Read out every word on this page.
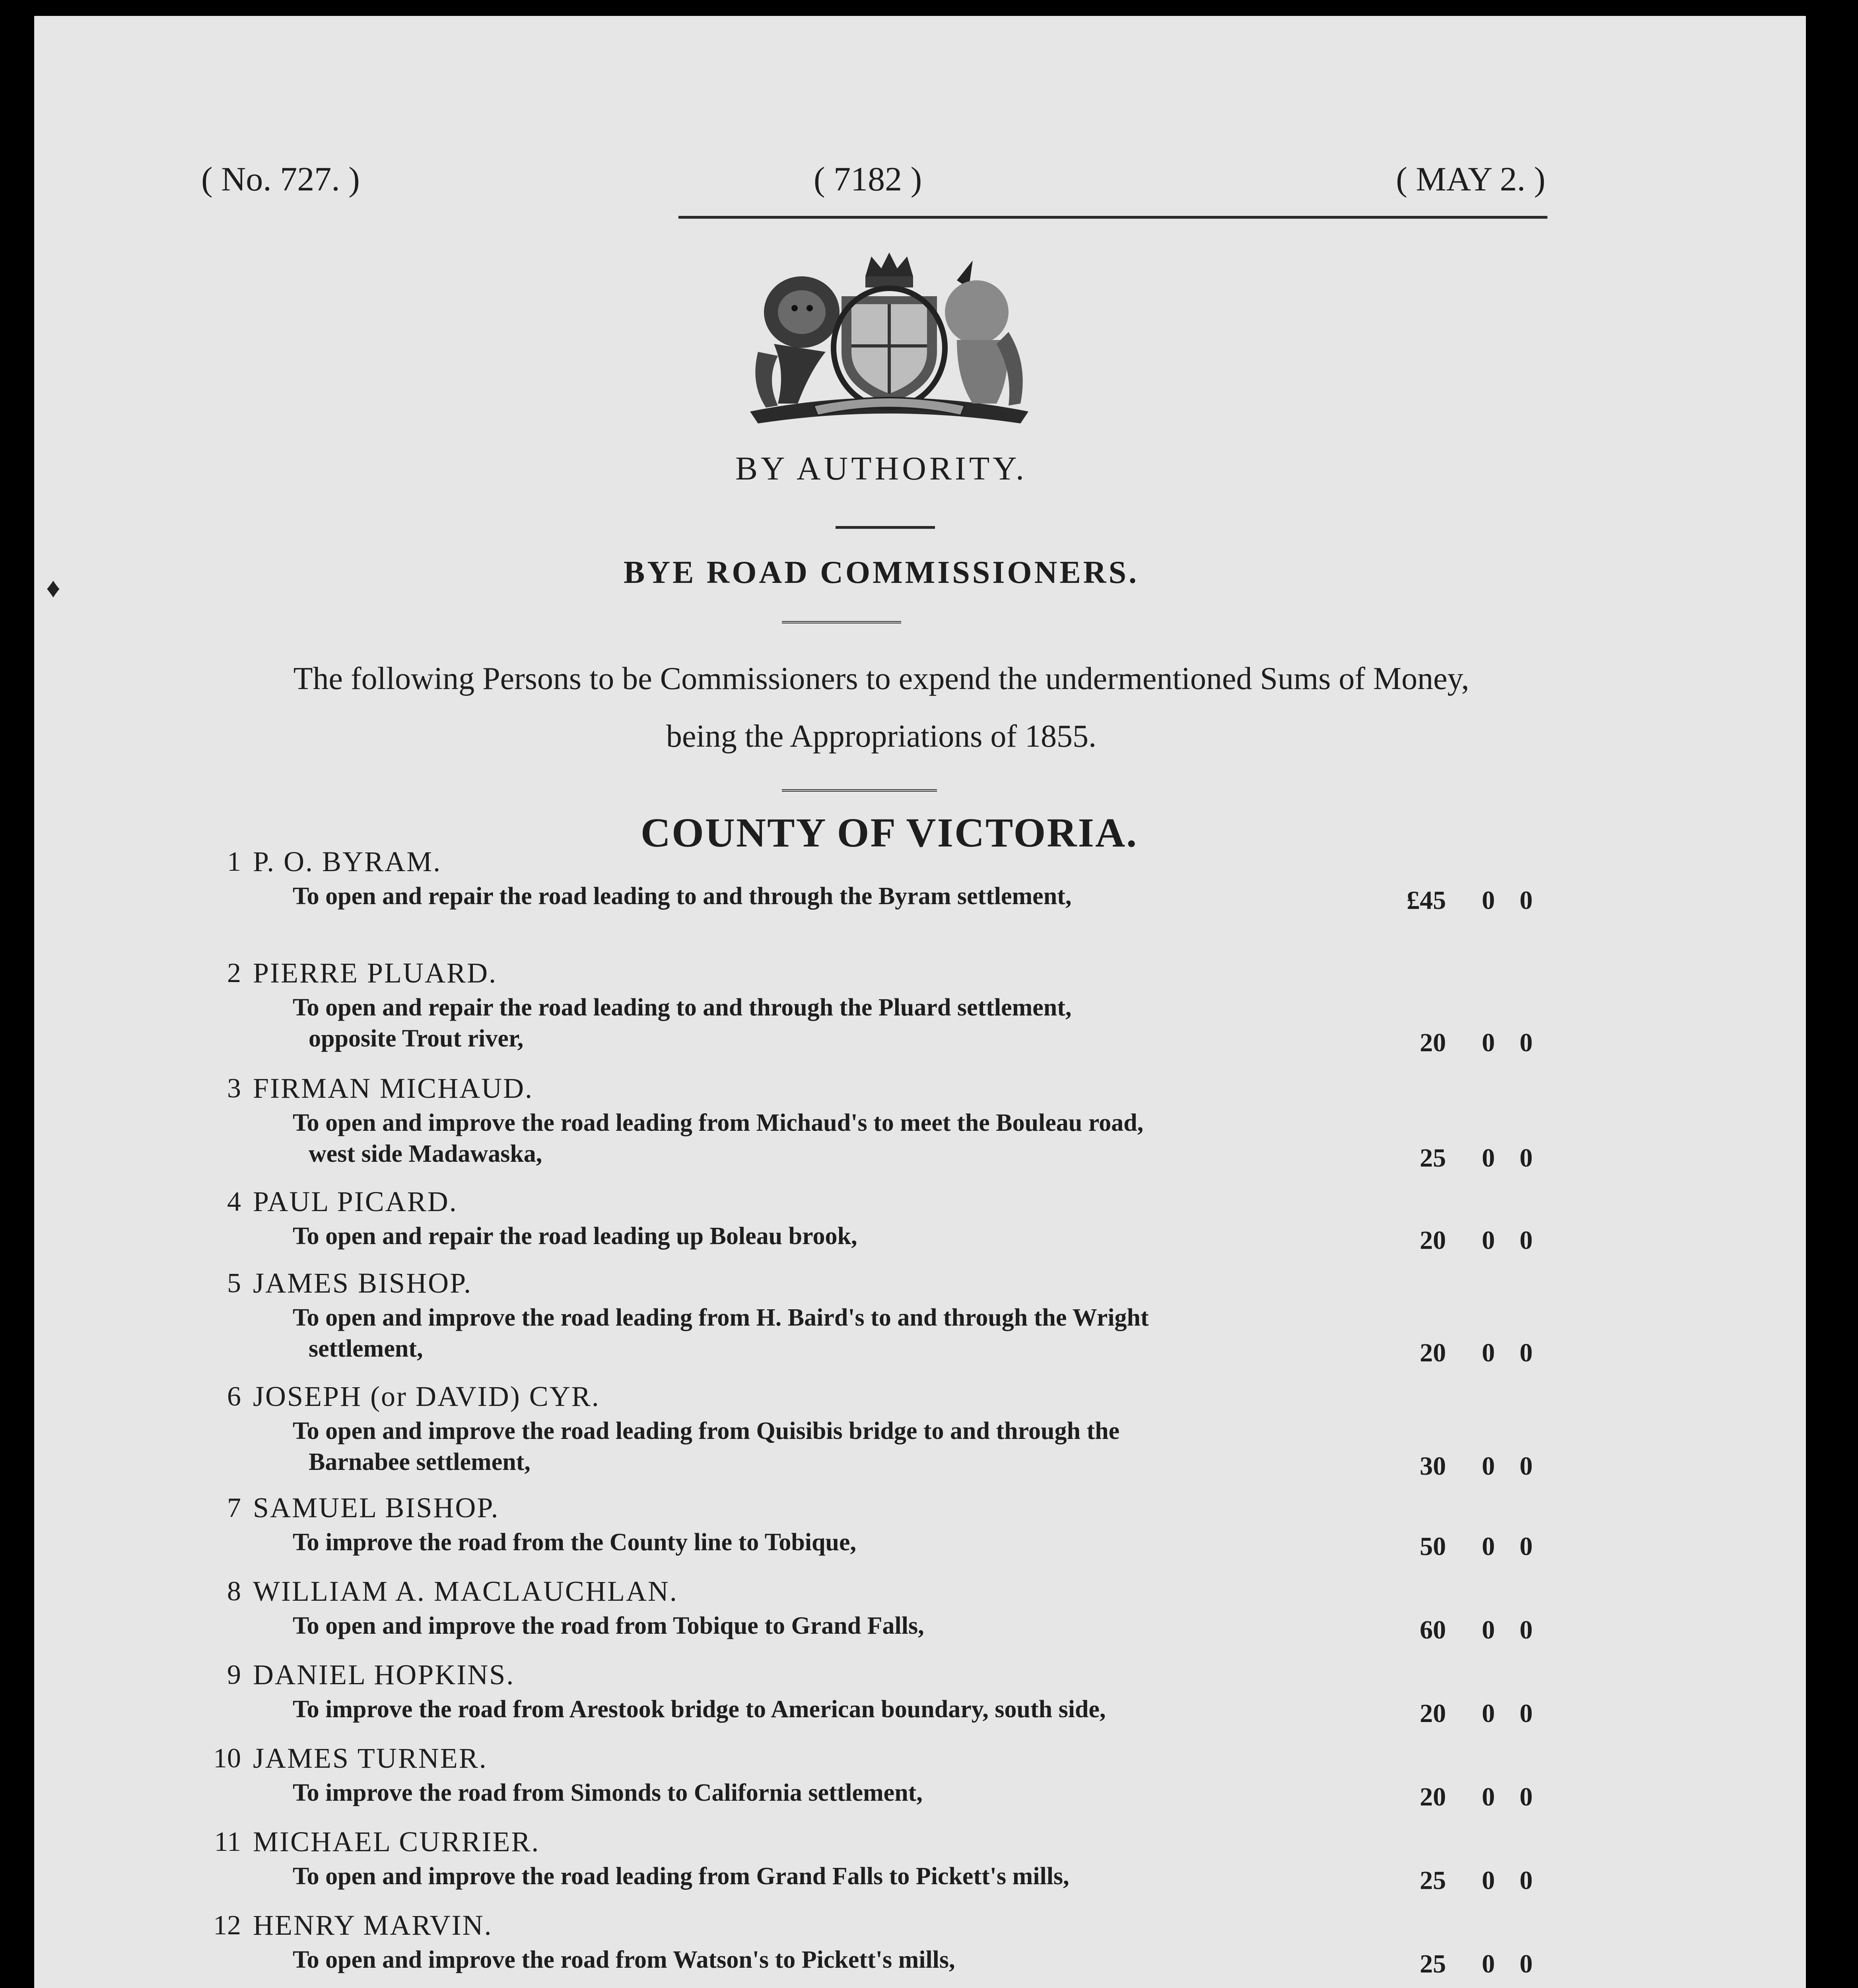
( No. 727. )	( 7182 )	( MAY 2. )
BY AUTHORITY.
BYE ROAD COMMISSIONERS.
The following Persons to be Commissioners to expend the undermentioned Sums of Money,
being the Appropriations of 1855.
COUNTY OF VICTORIA.
1 P. O. BYRAM.
To open and repair the road leading to and through the Byram settlement,	£45 0 0
2 PIERRE PLUARD.
To open and repair the road leading to and through the Pluard settlement,
opposite Trout river,	20 0 0
3 FIRMAN MICHAUD.
To open and improve the road leading from Michaud's to meet the Bouleau road,
west side Madawaska,	25 0 0
4 PAUL PICARD.
To open and repair the road leading up Boleau brook,	20 0 0
5 JAMES BISHOP.
To open and improve the road leading from H. Baird's to and through the Wright
settlement,	20 0 0
6 JOSEPH (or DAVID) CYR.
To open and improve the road leading from Quisibis bridge to and through the
Barnabee settlement,	30 0 0
7 SAMUEL BISHOP.
To improve the road from the County line to Tobique,	50 0 0
8 WILLIAM A. MACLAUCHLAN.
To open and improve the road from Tobique to Grand Falls,	60 0 0
9 DANIEL HOPKINS.
To improve the road from Arestook bridge to American boundary, south side,	20 0 0
10 JAMES TURNER.
To improve the road from Simonds to California settlement,	20 0 0
11 MICHAEL CURRIER.
To open and improve the road leading from Grand Falls to Pickett's mills,	25 0 0
12 HENRY MARVIN.
To open and improve the road from Watson's to Pickett's mills,	25 0 0
♦
